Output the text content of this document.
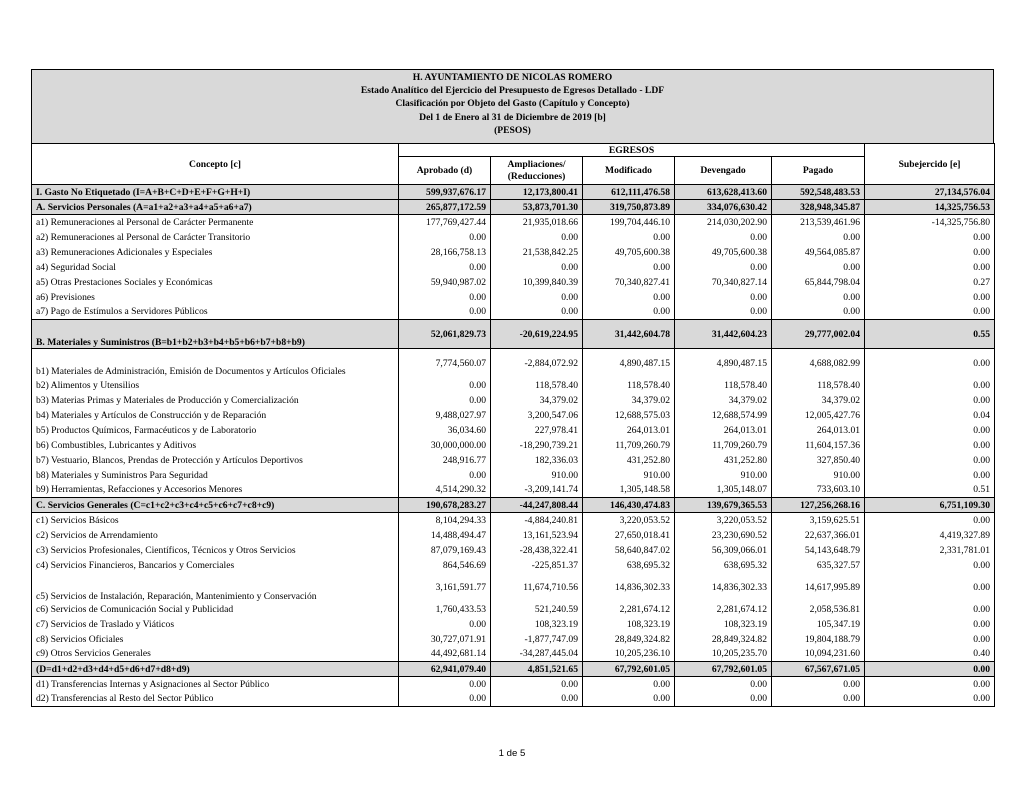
H. AYUNTAMIENTO DE NICOLAS ROMERO
Estado Analítico del Ejercicio del Presupuesto de Egresos Detallado - LDF
Clasificación por Objeto del Gasto (Capítulo y Concepto)
Del 1 de Enero al 31 de Diciembre de 2019 [b]
(PESOS)
Concepto [c]	EGRESOS					Subejercido [e]
	Aprobado (d)	Ampliaciones/ (Reducciones)	Modificado	Devengado	Pagado	
I. Gasto No Etiquetado (I=A+B+C+D+E+F+G+H+I)	599,937,676.17	12,173,800.41	612,111,476.58	613,628,413.60	592,548,483.53	27,134,576.04
A. Servicios Personales (A=a1+a2+a3+a4+a5+a6+a7)	265,877,172.59	53,873,701.30	319,750,873.89	334,076,630.42	328,948,345.87	14,325,756.53
a1) Remuneraciones al Personal de Carácter Permanente	177,769,427.44	21,935,018.66	199,704,446.10	214,030,202.90	213,539,461.96	-14,325,756.80
a2) Remuneraciones al Personal de Carácter Transitorio	0.00	0.00	0.00	0.00	0.00	0.00
a3) Remuneraciones Adicionales y Especiales	28,166,758.13	21,538,842.25	49,705,600.38	49,705,600.38	49,564,085.87	0.00
a4) Seguridad Social	0.00	0.00	0.00	0.00	0.00	0.00
a5) Otras Prestaciones Sociales y Económicas	59,940,987.02	10,399,840.39	70,340,827.41	70,340,827.14	65,844,798.04	0.27
a6) Previsiones	0.00	0.00	0.00	0.00	0.00	0.00
a7) Pago de Estímulos a Servidores Públicos	0.00	0.00	0.00	0.00	0.00	0.00
B. Materiales y Suministros (B=b1+b2+b3+b4+b5+b6+b7+b8+b9)	52,061,829.73	-20,619,224.95	31,442,604.78	31,442,604.23	29,777,002.04	0.55
b1) Materiales de Administración, Emisión de Documentos y Artículos Oficiales	7,774,560.07	-2,884,072.92	4,890,487.15	4,890,487.15	4,688,082.99	0.00
b2) Alimentos y Utensilios	0.00	118,578.40	118,578.40	118,578.40	118,578.40	0.00
b3) Materias Primas y Materiales de Producción y Comercialización	0.00	34,379.02	34,379.02	34,379.02	34,379.02	0.00
b4) Materiales y Artículos de Construcción y de Reparación	9,488,027.97	3,200,547.06	12,688,575.03	12,688,574.99	12,005,427.76	0.04
b5) Productos Químicos, Farmacéuticos y de Laboratorio	36,034.60	227,978.41	264,013.01	264,013.01	264,013.01	0.00
b6) Combustibles, Lubricantes y Aditivos	30,000,000.00	-18,290,739.21	11,709,260.79	11,709,260.79	11,604,157.36	0.00
b7) Vestuario, Blancos, Prendas de Protección y Artículos Deportivos	248,916.77	182,336.03	431,252.80	431,252.80	327,850.40	0.00
b8) Materiales y Suministros Para Seguridad	0.00	910.00	910.00	910.00	910.00	0.00
b9) Herramientas, Refacciones y Accesorios Menores	4,514,290.32	-3,209,141.74	1,305,148.58	1,305,148.07	733,603.10	0.51
C. Servicios Generales (C=c1+c2+c3+c4+c5+c6+c7+c8+c9)	190,678,283.27	-44,247,808.44	146,430,474.83	139,679,365.53	127,256,268.16	6,751,109.30
c1) Servicios Básicos	8,104,294.33	-4,884,240.81	3,220,053.52	3,220,053.52	3,159,625.51	0.00
c2) Servicios de Arrendamiento	14,488,494.47	13,161,523.94	27,650,018.41	23,230,690.52	22,637,366.01	4,419,327.89
c3) Servicios Profesionales, Científicos, Técnicos y Otros Servicios	87,079,169.43	-28,438,322.41	58,640,847.02	56,309,066.01	54,143,648.79	2,331,781.01
c4) Servicios Financieros, Bancarios y Comerciales	864,546.69	-225,851.37	638,695.32	638,695.32	635,327.57	0.00
c5) Servicios de Instalación, Reparación, Mantenimiento y Conservación	3,161,591.77	11,674,710.56	14,836,302.33	14,836,302.33	14,617,995.89	0.00
c6) Servicios de Comunicación Social y Publicidad	1,760,433.53	521,240.59	2,281,674.12	2,281,674.12	2,058,536.81	0.00
c7) Servicios de Traslado y Viáticos	0.00	108,323.19	108,323.19	108,323.19	105,347.19	0.00
c8) Servicios Oficiales	30,727,071.91	-1,877,747.09	28,849,324.82	28,849,324.82	19,804,188.79	0.00
c9) Otros Servicios Generales	44,492,681.14	-34,287,445.04	10,205,236.10	10,205,235.70	10,094,231.60	0.40
(D=d1+d2+d3+d4+d5+d6+d7+d8+d9)	62,941,079.40	4,851,521.65	67,792,601.05	67,792,601.05	67,567,671.05	0.00
d1) Transferencias Internas y Asignaciones al Sector Público	0.00	0.00	0.00	0.00	0.00	0.00
d2) Transferencias al Resto del Sector Público	0.00	0.00	0.00	0.00	0.00	0.00
1 de 5
